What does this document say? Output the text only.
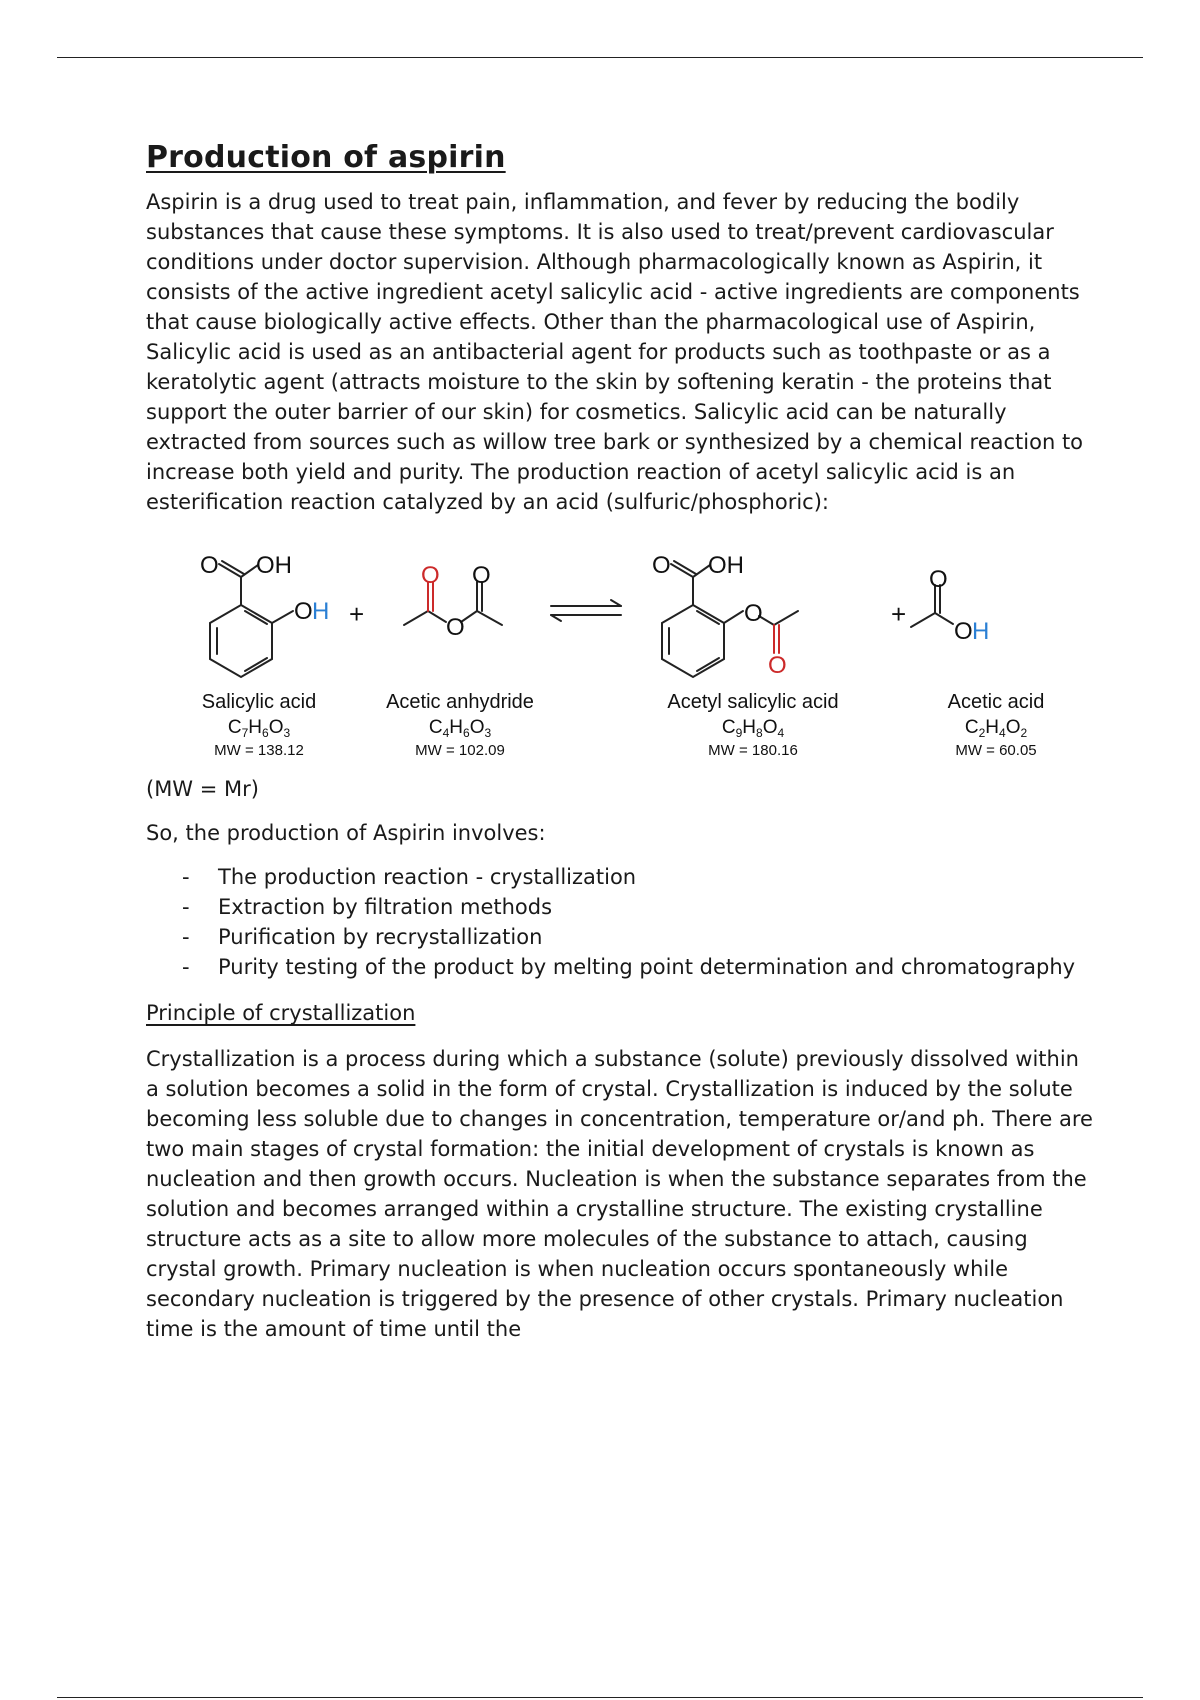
Production of aspirin

Aspirin is a drug used to treat pain, inflammation, and fever by reducing the bodily substances that cause these symptoms. It is also used to treat/prevent cardiovascular conditions under doctor supervision. Although pharmacologically known as Aspirin, it consists of the active ingredient acetyl salicylic acid - active ingredients are components that cause biologically active effects. Other than the pharmacological use of Aspirin, Salicylic acid is used as an antibacterial agent for products such as toothpaste or as a keratolytic agent (attracts moisture to the skin by softening keratin - the proteins that support the outer barrier of our skin) for cosmetics. Salicylic acid can be naturally extracted from sources such as willow tree bark or synthesized by a chemical reaction to increase both yield and purity. The production reaction of acetyl salicylic acid is an esterification reaction catalyzed by an acid (sulfuric/phosphoric):

O OH
O H
O
O
O	O OH
O
O
O
O H
+	+
Salicylic acid	Acetic anhydride	Acetyl salicylic acid	Acetic acid
$C_7H_6O_3$	$C_4H_6O_3$	$C_9H_8O_4$	$C_2H_4O_2$
MW = 138.12	MW = 102.09	MW = 180.16	MW = 60.05

(MW = Mr)

So, the production of Aspirin involves:

- The production reaction - crystallization
- Extraction by filtration methods
- Purification by recrystallization
- Purity testing of the product by melting point determination and chromatography
Principle of crystallization

Crystallization is a process during which a substance (solute) previously dissolved within a solution becomes a solid in the form of crystal. Crystallization is induced by the solute becoming less soluble due to changes in concentration, temperature or/and ph. There are two main stages of crystal formation: the initial development of crystals is known as nucleation and then growth occurs. Nucleation is when the substance separates from the solution and becomes arranged within a crystalline structure. The existing crystalline structure acts as a site to allow more molecules of the substance to attach, causing crystal growth. Primary nucleation is when nucleation occurs spontaneously while secondary nucleation is triggered by the presence of other crystals. Primary nucleation time is the amount of time until the
